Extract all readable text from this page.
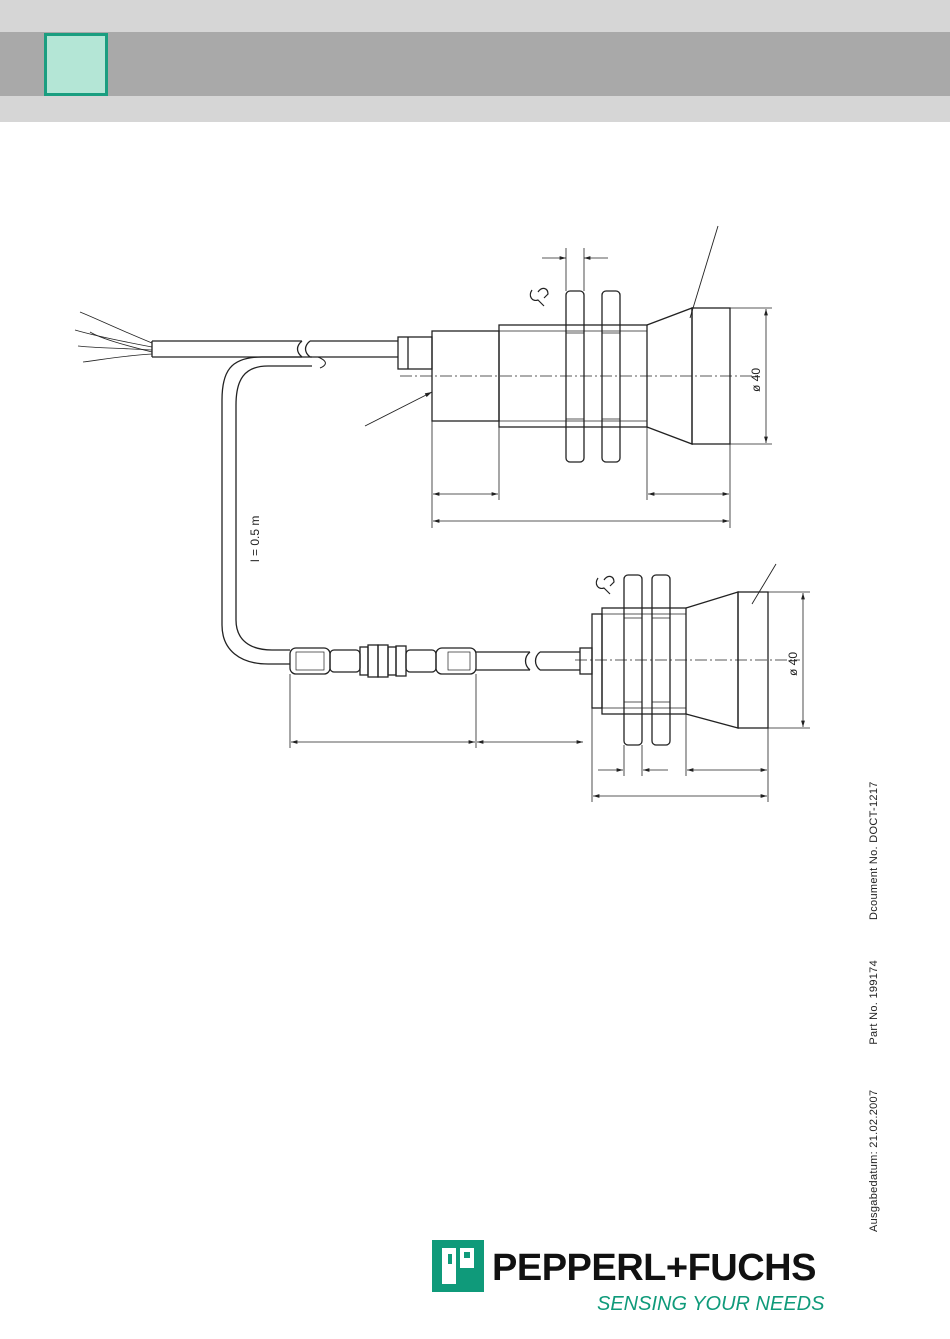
l = 0.5 m
ø 40
ø 40
Ausgabedatum: 21.02.2007Part No. 199174Dcoument No. DOCT-1217
PEPPERL+FUCHS
SENSING YOUR NEEDS
